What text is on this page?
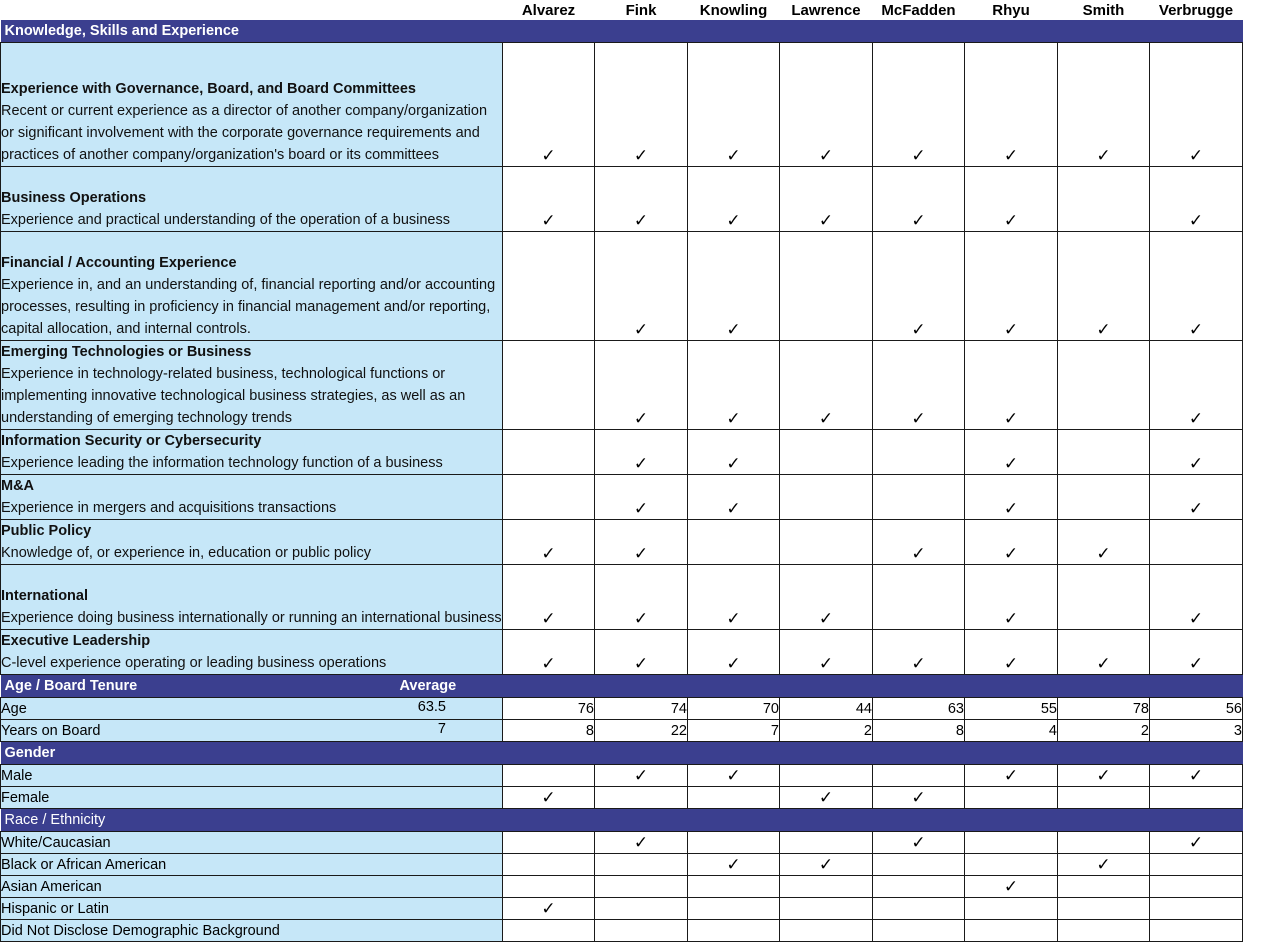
	Alvarez	Fink	Knowling	Lawrence	McFadden	Rhyu	Smith	Verbrugge
Knowledge, Skills and Experience								

Experience with Governance, Board, and Board Committees
Recent or current experience as a director of another company/organization or significant involvement with the corporate governance requirements and practices of another company/organization's board or its committees	✓	✓	✓	✓	✓	✓	✓	✓

Business Operations
Experience and practical understanding of the operation of a business	✓	✓	✓	✓	✓	✓		✓

Financial / Accounting Experience
Experience in, and an understanding of, financial reporting and/or accounting processes, resulting in proficiency in financial management and/or reporting, capital allocation, and internal controls.		✓	✓		✓	✓	✓	✓

Emerging Technologies or Business
Experience in technology-related business, technological functions or implementing innovative technological business strategies, as well as an understanding of emerging technology trends		✓	✓	✓	✓	✓		✓

Information Security or Cybersecurity
Experience leading the information technology function of a business		✓	✓			✓		✓

M&A
Experience in mergers and acquisitions transactions		✓	✓			✓		✓

Public Policy
Knowledge of, or experience in, education or public policy	✓	✓			✓	✓	✓	

International
Experience doing business internationally or running an international business	✓	✓	✓	✓		✓		✓

Executive Leadership
C-level experience operating or leading business operations	✓	✓	✓	✓	✓	✓	✓	✓
Age / Board Tenure Average								

Age 63.5	76	74	70	44	63	55	78	56
Years on Board 7	8	22	7	2	8	4	2	3
Gender								
Male		✓	✓			✓	✓	✓
Female	✓			✓	✓			
Race / Ethnicity								
White/Caucasian		✓			✓			✓
Black or African American			✓	✓			✓	
Asian American						✓		
Hispanic or Latin	✓							
Did Not Disclose Demographic Background								
